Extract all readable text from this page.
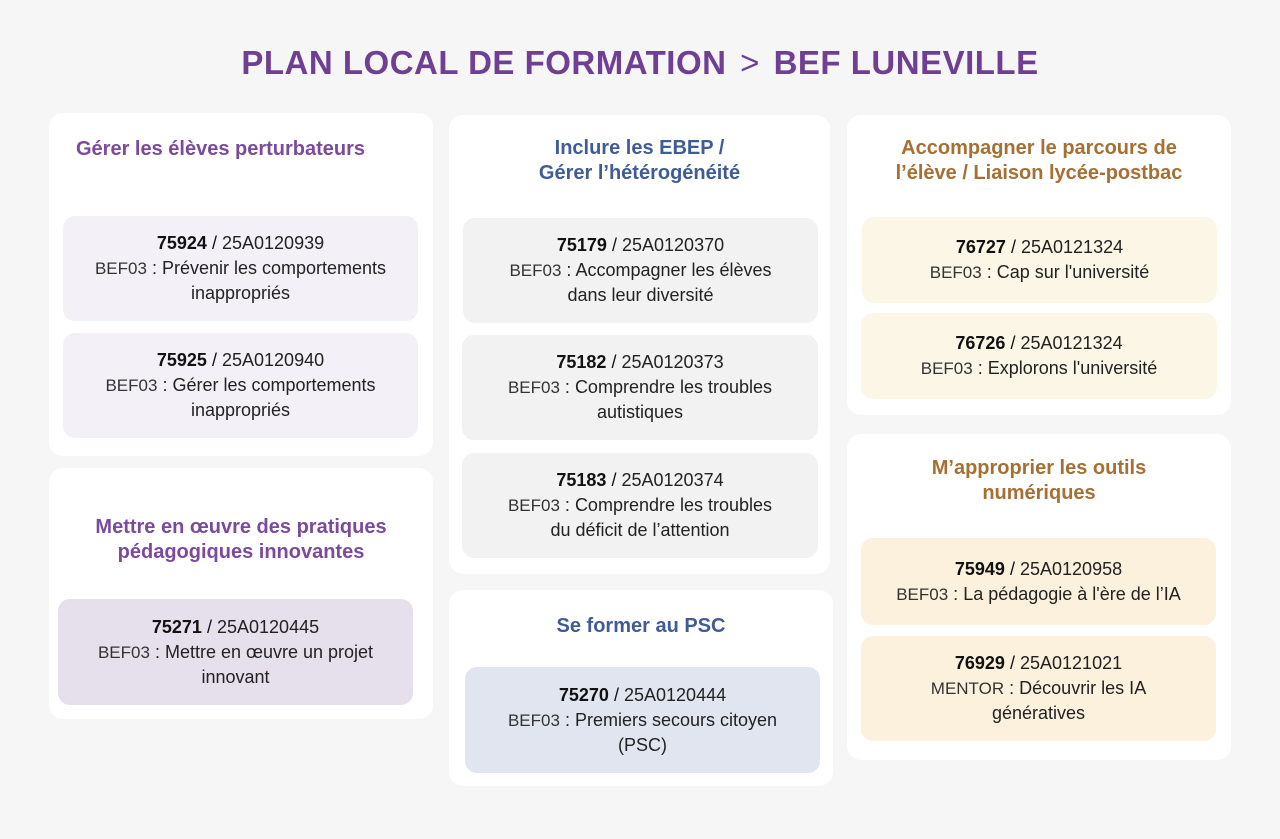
PLAN LOCAL DE FORMATION > BEF LUNEVILLE
Gérer les élèves perturbateurs
75924 / 25A0120939
BEF03 : Prévenir les comportements
inappropriés
75925 / 25A0120940
BEF03 : Gérer les comportements
inappropriés
Mettre en œuvre des pratiques
pédagogiques innovantes
75271 / 25A0120445
BEF03 : Mettre en œuvre un projet
innovant
Inclure les EBEP /
Gérer l’hétérogénéité
75179 / 25A0120370
BEF03 : Accompagner les élèves
dans leur diversité
75182 / 25A0120373
BEF03 : Comprendre les troubles
autistiques
75183 / 25A0120374
BEF03 : Comprendre les troubles
du déficit de l’attention
Se former au PSC
75270 / 25A0120444
BEF03 : Premiers secours citoyen
(PSC)
Accompagner le parcours de
l’élève / Liaison lycée-postbac
76727 / 25A0121324
BEF03 : Cap sur l'université
76726 / 25A0121324
BEF03 : Explorons l'université
M’approprier les outils
numériques
75949 / 25A0120958
BEF03 : La pédagogie à l'ère de l’IA
76929 / 25A0121021
MENTOR : Découvrir les IA
génératives
